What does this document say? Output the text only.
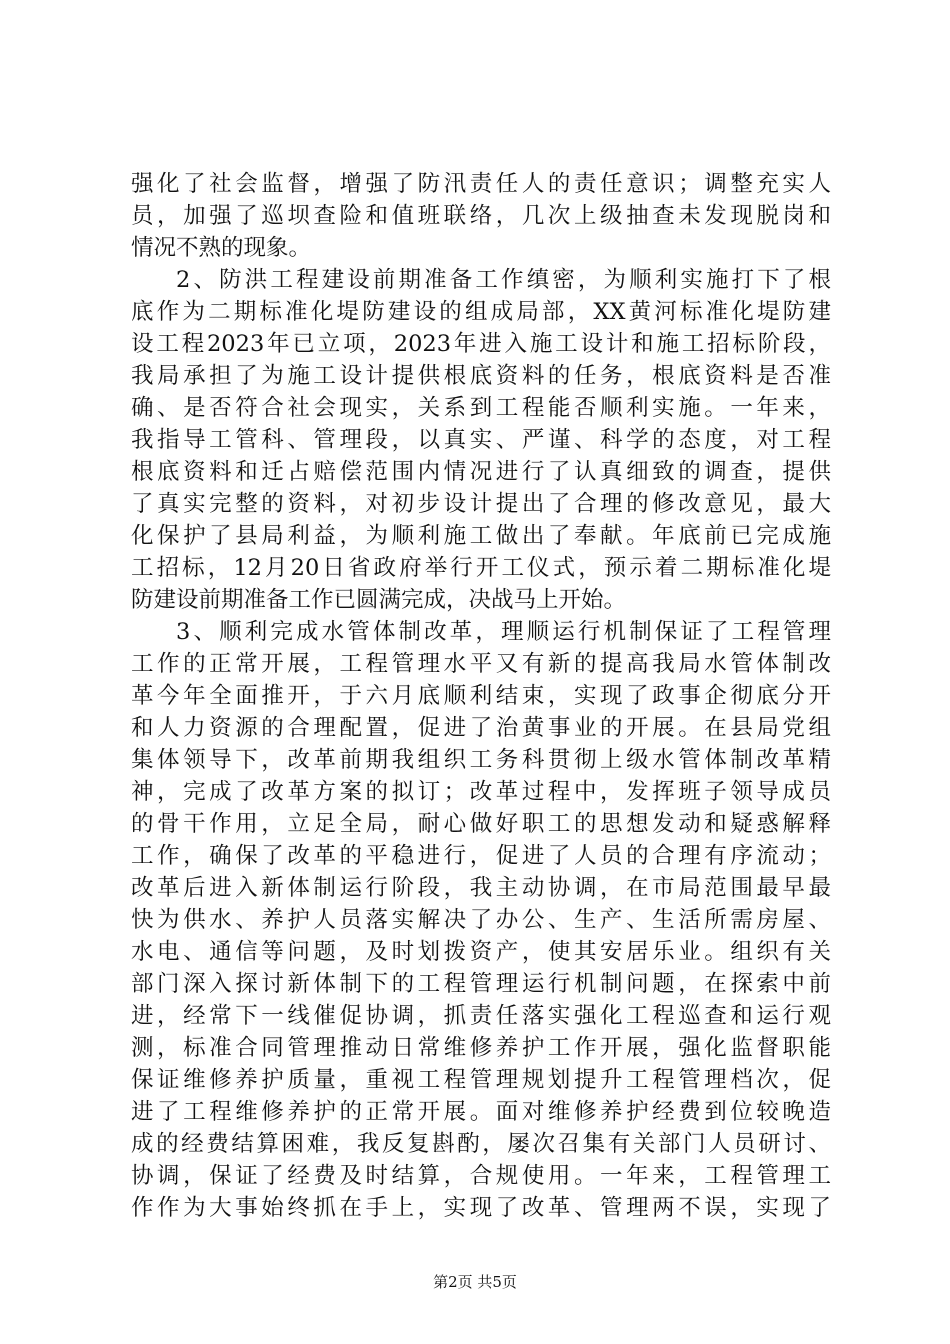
强化了社会监督，增强了防汛责任人的责任意识；调整充实人
员，加强了巡坝查险和值班联络，几次上级抽查未发现脱岗和
情况不熟的现象。
2、防洪工程建设前期准备工作缜密，为顺利实施打下了根
底作为二期标准化堤防建设的组成局部，XX黄河标准化堤防建
设工程2023年已立项，2023年进入施工设计和施工招标阶段，
我局承担了为施工设计提供根底资料的任务，根底资料是否准
确、是否符合社会现实，关系到工程能否顺利实施。一年来，
我指导工管科、管理段，以真实、严谨、科学的态度，对工程
根底资料和迁占赔偿范围内情况进行了认真细致的调查，提供
了真实完整的资料，对初步设计提出了合理的修改意见，最大
化保护了县局利益，为顺利施工做出了奉献。年底前已完成施
工招标，12月20日省政府举行开工仪式，预示着二期标准化堤
防建设前期准备工作已圆满完成，决战马上开始。
3、顺利完成水管体制改革，理顺运行机制保证了工程管理
工作的正常开展，工程管理水平又有新的提高我局水管体制改
革今年全面推开，于六月底顺利结束，实现了政事企彻底分开
和人力资源的合理配置，促进了治黄事业的开展。在县局党组
集体领导下，改革前期我组织工务科贯彻上级水管体制改革精
神，完成了改革方案的拟订；改革过程中，发挥班子领导成员
的骨干作用，立足全局，耐心做好职工的思想发动和疑惑解释
工作，确保了改革的平稳进行，促进了人员的合理有序流动；
改革后进入新体制运行阶段，我主动协调，在市局范围最早最
快为供水、养护人员落实解决了办公、生产、生活所需房屋、
水电、通信等问题，及时划拨资产，使其安居乐业。组织有关
部门深入探讨新体制下的工程管理运行机制问题，在探索中前
进，经常下一线催促协调，抓责任落实强化工程巡查和运行观
测，标准合同管理推动日常维修养护工作开展，强化监督职能
保证维修养护质量，重视工程管理规划提升工程管理档次，促
进了工程维修养护的正常开展。面对维修养护经费到位较晚造
成的经费结算困难，我反复斟酌，屡次召集有关部门人员研讨、
协调，保证了经费及时结算，合规使用。一年来，工程管理工
作作为大事始终抓在手上，实现了改革、管理两不误，实现了
第2页 共5页
